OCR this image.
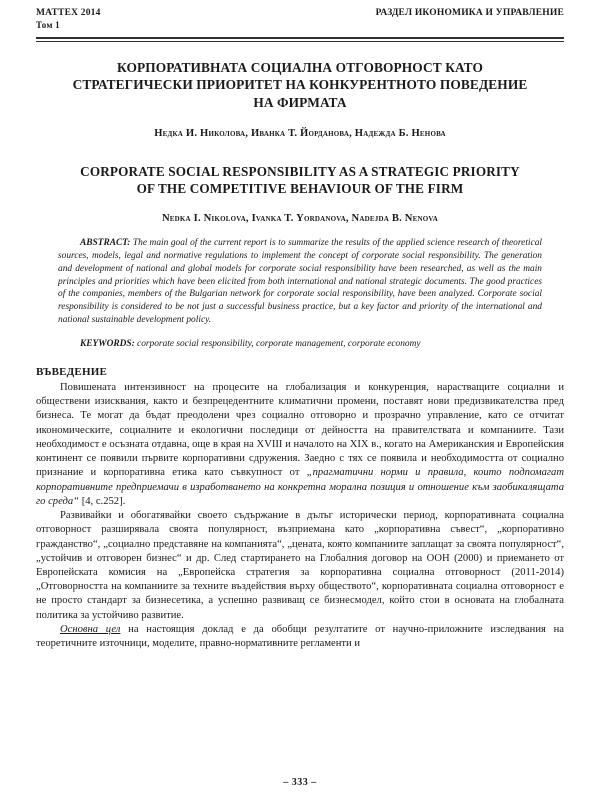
MATTEX 2014
Том 1
РАЗДЕЛ ИКОНОМИКА И УПРАВЛЕНИЕ
КОРПОРАТИВНАТА СОЦИАЛНА ОТГОВОРНОСТ КАТО
СТРАТЕГИЧЕСКИ ПРИОРИТЕТ НА КОНКУРЕНТНОТО ПОВЕДЕНИЕ
НА ФИРМАТА
Недка И. Николова, Иванка Т. Йорданова, Надежда Б. Ненова
CORPORATE SOCIAL RESPONSIBILITY AS A STRATEGIC PRIORITY
OF THE COMPETITIVE BEHAVIOUR OF THE FIRM
Nedka I. Nikolova, Ivanka T. Yordanova, Nadejda B. Nenova
ABSTRACT: The main goal of the current report is to summarize the results of the applied science research of theoretical sources, models, legal and normative regulations to implement the concept of corporate social responsibility. The generation and development of national and global models for corporate social responsibility have been researched, as well as the main principles and priorities which have been elicited from both international and national strategic documents. The good practices of the companies, members of the Bulgarian network for corporate social responsibility, have been analyzed. Corporate social responsibility is considered to be not just a successful business practice, but a key factor and priority of the international and national sustainable development policy.
KEYWORDS: corporate social responsibility, corporate management, corporate economy
ВЪВЕДЕНИЕ
Повишената интензивност на процесите на глобализация и конкуренция, нарастващите социални и обществени изисквания, както и безпрецедентните климатични промени, поставят нови предизвикателства пред бизнеса. Те могат да бъдат преодолени чрез социално отговорно и прозрачно управление, като се отчитат икономическите, социалните и екологични последици от дейността на правителствата и компаниите. Тази необходимост е осъзната отдавна, още в края на XVIII и началото на XIX в., когато на Американския и Европейския континент се появили първите корпоративни сдружения. Заедно с тях се появила и необходимостта от социално признание и корпоративна етика като съвкупност от „прагматични норми и правила, които подпомагат корпоративните предприемачи в изработването на конкретна морална позиция и отношение към заобикалящата го среда“ [4, с.252].
Развивайки и обогатявайки своето съдържание в дълъг исторически период, корпоративната социална отговорност разширявала своята популярност, възприемана като „корпоративна съвест“, „корпоративно гражданство“, „социално представяне на компанията“, „цената, която компаниите заплащат за своята популярност“, „устойчив и отговорен бизнес“ и др. След стартирането на Глобалния договор на ООН (2000) и приемането от Европейската комисия на „Европейска стратегия за корпоративна социална отговорност (2011-2014) „Отговорността на компаниите за техните въздействия върху обществото“, корпоративната социална отговорност е не просто стандарт за бизнесетика, а успешно развиващ се бизнесмодел, който стои в основата на глобалната политика за устойчиво развитие.
Основна цел на настоящия доклад е да обобщи резултатите от научно-приложните изследвания на теоретичните източници, моделите, правно-нормативните регламенти и
– 333 –
